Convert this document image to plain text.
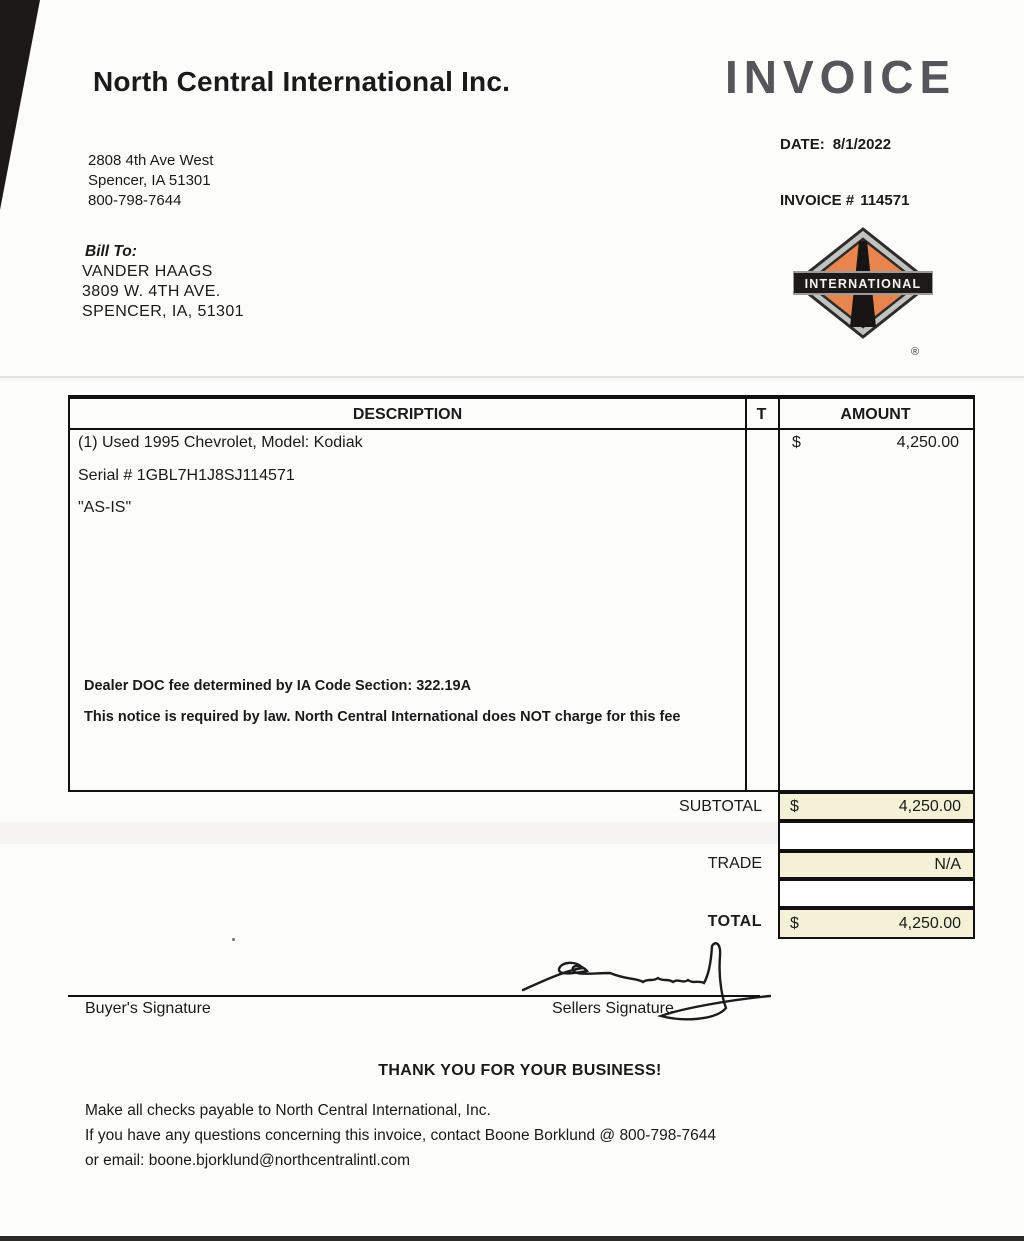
North Central International Inc.	INVOICE
DATE: 8/1/2022
INVOICE # 114571
2808 4th Ave West
Spencer, IA 51301
800-798-7644
Bill To:
VANDER HAAGS
3809 W. 4TH AVE.
SPENCER, IA, 51301
INTERNATIONAL
®
DESCRIPTION	T	AMOUNT
(1) Used 1995 Chevrolet, Model: Kodiak
Serial # 1GBL7H1J8SJ114571
"AS-IS"
Dealer DOC fee determined by IA Code Section: 322.19A
This notice is required by law. North Central International does NOT charge for this fee
$	4,250.00
SUBTOTAL $	4,250.00
TRADE	N/A
TOTAL $	4,250.00
Buyer's Signature	Sellers Signature
THANK YOU FOR YOUR BUSINESS!
Make all checks payable to North Central International, Inc.
If you have any questions concerning this invoice, contact Boone Borklund @ 800-798-7644
or email: boone.bjorklund@northcentralintl.com
